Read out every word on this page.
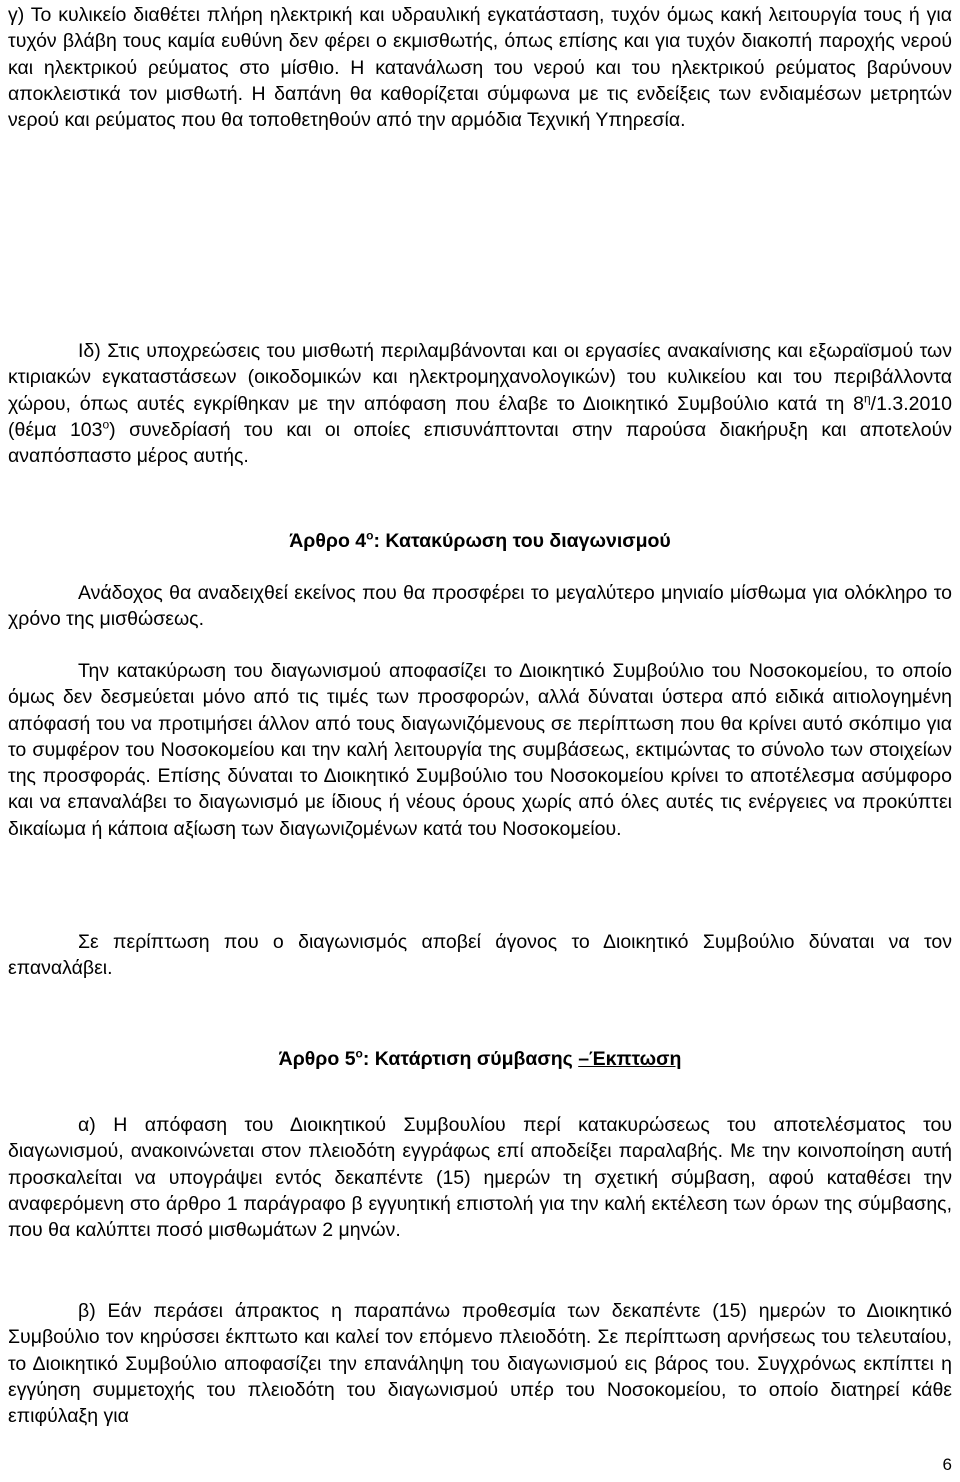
γ) Το κυλικείο διαθέτει πλήρη ηλεκτρική και υδραυλική εγκατάσταση, τυχόν όμως κακή λειτουργία τους ή για τυχόν βλάβη τους καμία ευθύνη δεν φέρει ο εκμισθωτής, όπως επίσης και για τυχόν διακοπή παροχής νερού και ηλεκτρικού ρεύματος στο μίσθιο. Η κατανάλωση του νερού και του ηλεκτρικού ρεύματος βαρύνουν αποκλειστικά τον μισθωτή. Η δαπάνη θα καθορίζεται σύμφωνα με τις ενδείξεις των ενδιαμέσων μετρητών νερού και ρεύματος που θα τοποθετηθούν από την αρμόδια Τεχνική Υπηρεσία.

Ιδ) Στις υποχρεώσεις του μισθωτή περιλαμβάνονται και οι εργασίες ανακαίνισης και εξωραϊσμού των κτιριακών εγκαταστάσεων (οικοδομικών και ηλεκτρομηχανολογικών) του κυλικείου και του περιβάλλοντα χώρου, όπως αυτές εγκρίθηκαν με την απόφαση που έλαβε το Διοικητικό Συμβούλιο κατά τη $8^\eta/1.3.2010$ (θέμα $103^o$) συνεδρίασή του και οι οποίες επισυνάπτονται στην παρούσα διακήρυξη και αποτελούν αναπόσπαστο μέρος αυτής.

Άρθρο $4^o$: Κατακύρωση του διαγωνισμού

Ανάδοχος θα αναδειχθεί εκείνος που θα προσφέρει το μεγαλύτερο μηνιαίο μίσθωμα για ολόκληρο το χρόνο της μισθώσεως.

Την κατακύρωση του διαγωνισμού αποφασίζει το Διοικητικό Συμβούλιο του Νοσοκομείου, το οποίο όμως δεν δεσμεύεται μόνο από τις τιμές των προσφορών, αλλά δύναται ύστερα από ειδικά αιτιολογημένη απόφασή του να προτιμήσει άλλον από τους διαγωνιζόμενους σε περίπτωση που θα κρίνει αυτό σκόπιμο για το συμφέρον του Νοσοκομείου και την καλή λειτουργία της συμβάσεως, εκτιμώντας το σύνολο των στοιχείων της προσφοράς. Επίσης δύναται το Διοικητικό Συμβούλιο του Νοσοκομείου κρίνει το αποτέλεσμα ασύμφορο και να επαναλάβει το διαγωνισμό με ίδιους ή νέους όρους χωρίς από όλες αυτές τις ενέργειες να προκύπτει δικαίωμα ή κάποια αξίωση των διαγωνιζομένων κατά του Νοσοκομείου.

Σε περίπτωση που ο διαγωνισμός αποβεί άγονος το Διοικητικό Συμβούλιο δύναται να τον επαναλάβει.

Άρθρο $5^o$: Κατάρτιση σύμβασης –Έκπτωση

α) Η απόφαση του Διοικητικού Συμβουλίου περί κατακυρώσεως του αποτελέσματος του διαγωνισμού, ανακοινώνεται στον πλειοδότη εγγράφως επί αποδείξει παραλαβής. Με την κοινοποίηση αυτή προσκαλείται να υπογράψει εντός δεκαπέντε (15) ημερών τη σχετική σύμβαση, αφού καταθέσει την αναφερόμενη στο άρθρο 1 παράγραφο β εγγυητική επιστολή για την καλή εκτέλεση των όρων της σύμβασης, που θα καλύπτει ποσό μισθωμάτων 2 μηνών.

β) Εάν περάσει άπρακτος η παραπάνω προθεσμία των δεκαπέντε (15) ημερών το Διοικητικό Συμβούλιο τον κηρύσσει έκπτωτο και καλεί τον επόμενο πλειοδότη. Σε περίπτωση αρνήσεως του τελευταίου, το Διοικητικό Συμβούλιο αποφασίζει την επανάληψη του διαγωνισμού εις βάρος του. Συγχρόνως εκπίπτει η εγγύηση συμμετοχής του πλειοδότη του διαγωνισμού υπέρ του Νοσοκομείου, το οποίο διατηρεί κάθε επιφύλαξη για

6
